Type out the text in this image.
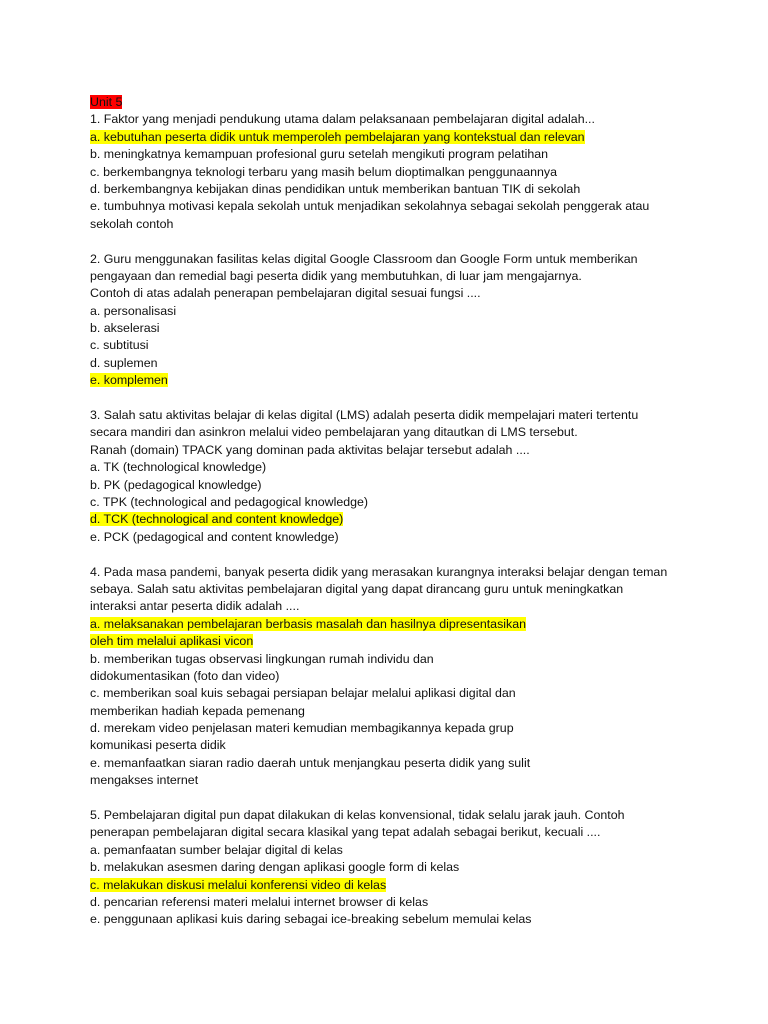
Unit 5
1. Faktor yang menjadi pendukung utama dalam pelaksanaan pembelajaran digital adalah...
a. kebutuhan peserta didik untuk memperoleh pembelajaran yang kontekstual dan relevan
b. meningkatnya kemampuan profesional guru setelah mengikuti program pelatihan
c. berkembangnya teknologi terbaru yang masih belum dioptimalkan penggunaannya
d. berkembangnya kebijakan dinas pendidikan untuk memberikan bantuan TIK di sekolah
e. tumbuhnya motivasi kepala sekolah untuk menjadikan sekolahnya sebagai sekolah penggerak atau
sekolah contoh
2. Guru menggunakan fasilitas kelas digital Google Classroom dan Google Form untuk memberikan
pengayaan dan remedial bagi peserta didik yang membutuhkan, di luar jam mengajarnya.
Contoh di atas adalah penerapan pembelajaran digital sesuai fungsi ....
a. personalisasi
b. akselerasi
c. subtitusi
d. suplemen
e. komplemen
3. Salah satu aktivitas belajar di kelas digital (LMS) adalah peserta didik mempelajari materi tertentu
secara mandiri dan asinkron melalui video pembelajaran yang ditautkan di LMS tersebut.
Ranah (domain) TPACK yang dominan pada aktivitas belajar tersebut adalah ....
a. TK (technological knowledge)
b. PK (pedagogical knowledge)
c. TPK (technological and pedagogical knowledge)
d. TCK (technological and content knowledge)
e. PCK (pedagogical and content knowledge)
4. Pada masa pandemi, banyak peserta didik yang merasakan kurangnya interaksi belajar dengan teman
sebaya. Salah satu aktivitas pembelajaran digital yang dapat dirancang guru untuk meningkatkan
interaksi antar peserta didik adalah ....
a. melaksanakan pembelajaran berbasis masalah dan hasilnya dipresentasikan
oleh tim melalui aplikasi vicon
b. memberikan tugas observasi lingkungan rumah individu dan
didokumentasikan (foto dan video)
c. memberikan soal kuis sebagai persiapan belajar melalui aplikasi digital dan
memberikan hadiah kepada pemenang
d. merekam video penjelasan materi kemudian membagikannya kepada grup
komunikasi peserta didik
e. memanfaatkan siaran radio daerah untuk menjangkau peserta didik yang sulit
mengakses internet
5. Pembelajaran digital pun dapat dilakukan di kelas konvensional, tidak selalu jarak jauh. Contoh
penerapan pembelajaran digital secara klasikal yang tepat adalah sebagai berikut, kecuali ....
a. pemanfaatan sumber belajar digital di kelas
b. melakukan asesmen daring dengan aplikasi google form di kelas
c. melakukan diskusi melalui konferensi video di kelas
d. pencarian referensi materi melalui internet browser di kelas
e. penggunaan aplikasi kuis daring sebagai ice-breaking sebelum memulai kelas
